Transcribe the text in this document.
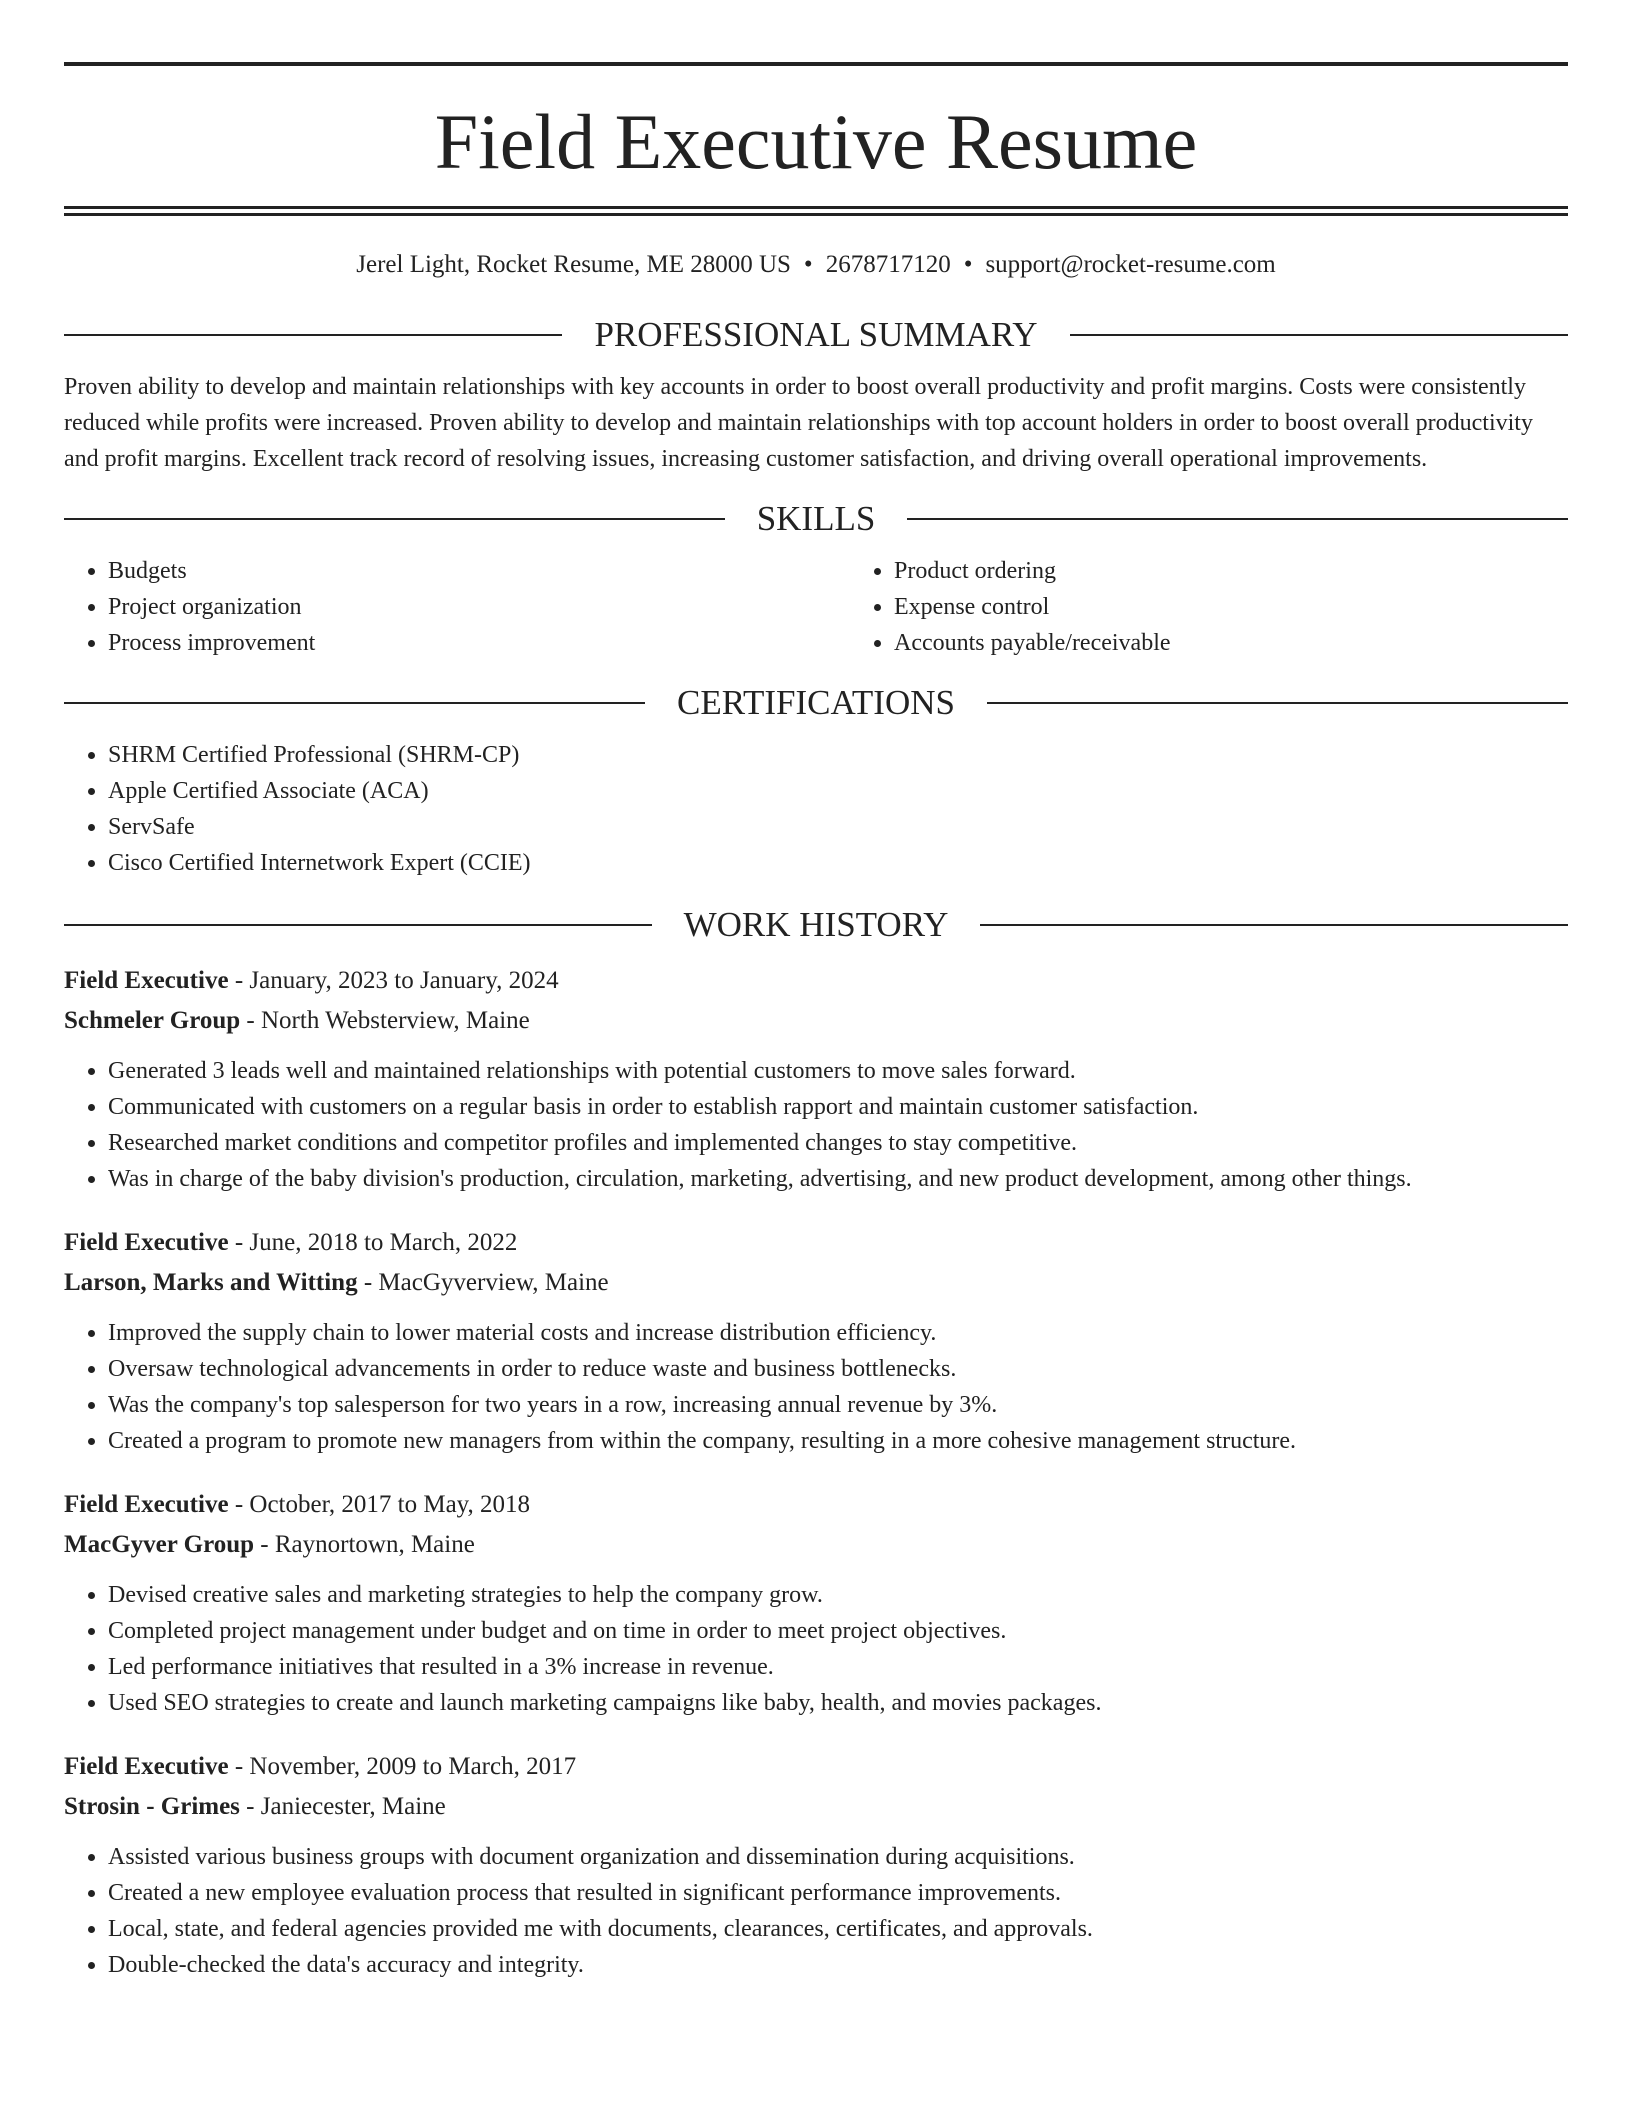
Field Executive Resume
Jerel Light, Rocket Resume, ME 28000 US • 2678717120 • support@rocket-resume.com
PROFESSIONAL SUMMARY

Proven ability to develop and maintain relationships with key accounts in order to boost overall productivity and profit margins. Costs were consistently reduced while profits were increased. Proven ability to develop and maintain relationships with top account holders in order to boost overall productivity and profit margins. Excellent track record of resolving issues, increasing customer satisfaction, and driving overall operational improvements.

SKILLS
• Budgets
• Project organization
• Process improvement
• Product ordering
• Expense control
• Accounts payable/receivable
CERTIFICATIONS
• SHRM Certified Professional (SHRM-CP)
• Apple Certified Associate (ACA)
• ServSafe
• Cisco Certified Internetwork Expert (CCIE)
WORK HISTORY
Field Executive - January, 2023 to January, 2024
Schmeler Group - North Websterview, Maine
• Generated 3 leads well and maintained relationships with potential customers to move sales forward.
• Communicated with customers on a regular basis in order to establish rapport and maintain customer satisfaction.
• Researched market conditions and competitor profiles and implemented changes to stay competitive.
• Was in charge of the baby division's production, circulation, marketing, advertising, and new product development, among other things.
Field Executive - June, 2018 to March, 2022
Larson, Marks and Witting - MacGyverview, Maine
• Improved the supply chain to lower material costs and increase distribution efficiency.
• Oversaw technological advancements in order to reduce waste and business bottlenecks.
• Was the company's top salesperson for two years in a row, increasing annual revenue by 3%.
• Created a program to promote new managers from within the company, resulting in a more cohesive management structure.
Field Executive - October, 2017 to May, 2018
MacGyver Group - Raynortown, Maine
• Devised creative sales and marketing strategies to help the company grow.
• Completed project management under budget and on time in order to meet project objectives.
• Led performance initiatives that resulted in a 3% increase in revenue.
• Used SEO strategies to create and launch marketing campaigns like baby, health, and movies packages.
Field Executive - November, 2009 to March, 2017
Strosin - Grimes - Janiecester, Maine
• Assisted various business groups with document organization and dissemination during acquisitions.
• Created a new employee evaluation process that resulted in significant performance improvements.
• Local, state, and federal agencies provided me with documents, clearances, certificates, and approvals.
• Double-checked the data's accuracy and integrity.
